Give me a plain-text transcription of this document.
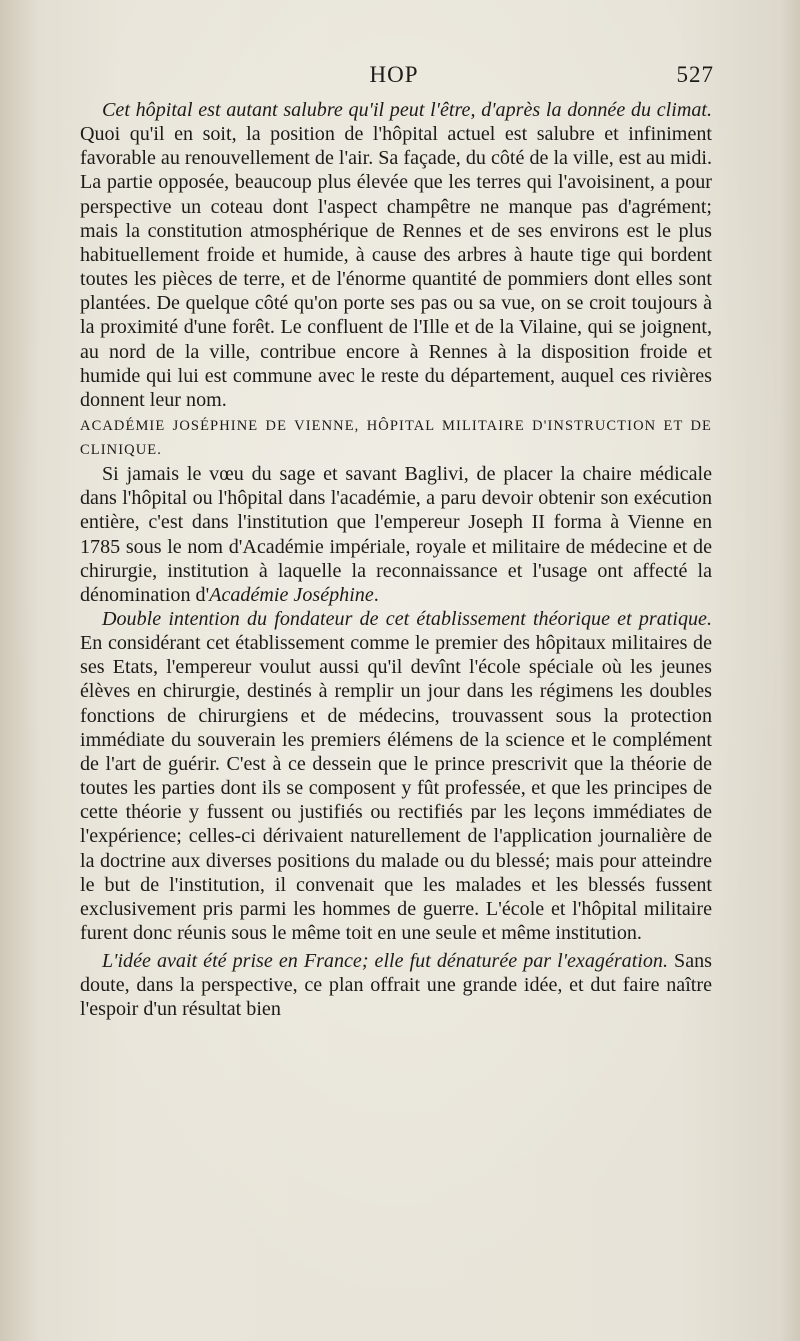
HOP	527

Cet hôpital est autant salubre qu'il peut l'être, d'après la donnée du climat. Quoi qu'il en soit, la position de l'hôpital actuel est salubre et infiniment favorable au renouvellement de l'air. Sa façade, du côté de la ville, est au midi. La partie opposée, beaucoup plus élevée que les terres qui l'avoisinent, a pour perspective un coteau dont l'aspect champêtre ne manque pas d'agrément; mais la constitution atmosphérique de Rennes et de ses environs est le plus habituellement froide et humide, à cause des arbres à haute tige qui bordent toutes les pièces de terre, et de l'énorme quantité de pommiers dont elles sont plantées. De quelque côté qu'on porte ses pas ou sa vue, on se croit toujours à la proximité d'une forêt. Le confluent de l'Ille et de la Vilaine, qui se joignent, au nord de la ville, contribue encore à Rennes à la disposition froide et humide qui lui est commune avec le reste du département, auquel ces rivières donnent leur nom.

ACADÉMIE JOSÉPHINE DE VIENNE, HÔPITAL MILITAIRE D'INSTRUCTION ET DE CLINIQUE.

Si jamais le vœu du sage et savant Baglivi, de placer la chaire médicale dans l'hôpital ou l'hôpital dans l'académie, a paru devoir obtenir son exécution entière, c'est dans l'institution que l'empereur Joseph II forma à Vienne en 1785 sous le nom d'Académie impériale, royale et militaire de médecine et de chirurgie, institution à laquelle la reconnaissance et l'usage ont affecté la dénomination d'Académie Joséphine.

Double intention du fondateur de cet établissement théorique et pratique. En considérant cet établissement comme le premier des hôpitaux militaires de ses Etats, l'empereur voulut aussi qu'il devînt l'école spéciale où les jeunes élèves en chirurgie, destinés à remplir un jour dans les régimens les doubles fonctions de chirurgiens et de médecins, trouvassent sous la protection immédiate du souverain les premiers élémens de la science et le complément de l'art de guérir. C'est à ce dessein que le prince prescrivit que la théorie de toutes les parties dont ils se composent y fût professée, et que les principes de cette théorie y fussent ou justifiés ou rectifiés par les leçons immédiates de l'expérience; celles-ci dérivaient naturellement de l'application journalière de la doctrine aux diverses positions du malade ou du blessé; mais pour atteindre le but de l'institution, il convenait que les malades et les blessés fussent exclusivement pris parmi les hommes de guerre. L'école et l'hôpital militaire furent donc réunis sous le même toit en une seule et même institution.

L'idée avait été prise en France; elle fut dénaturée par l'exagération. Sans doute, dans la perspective, ce plan offrait une grande idée, et dut faire naître l'espoir d'un résultat bien
